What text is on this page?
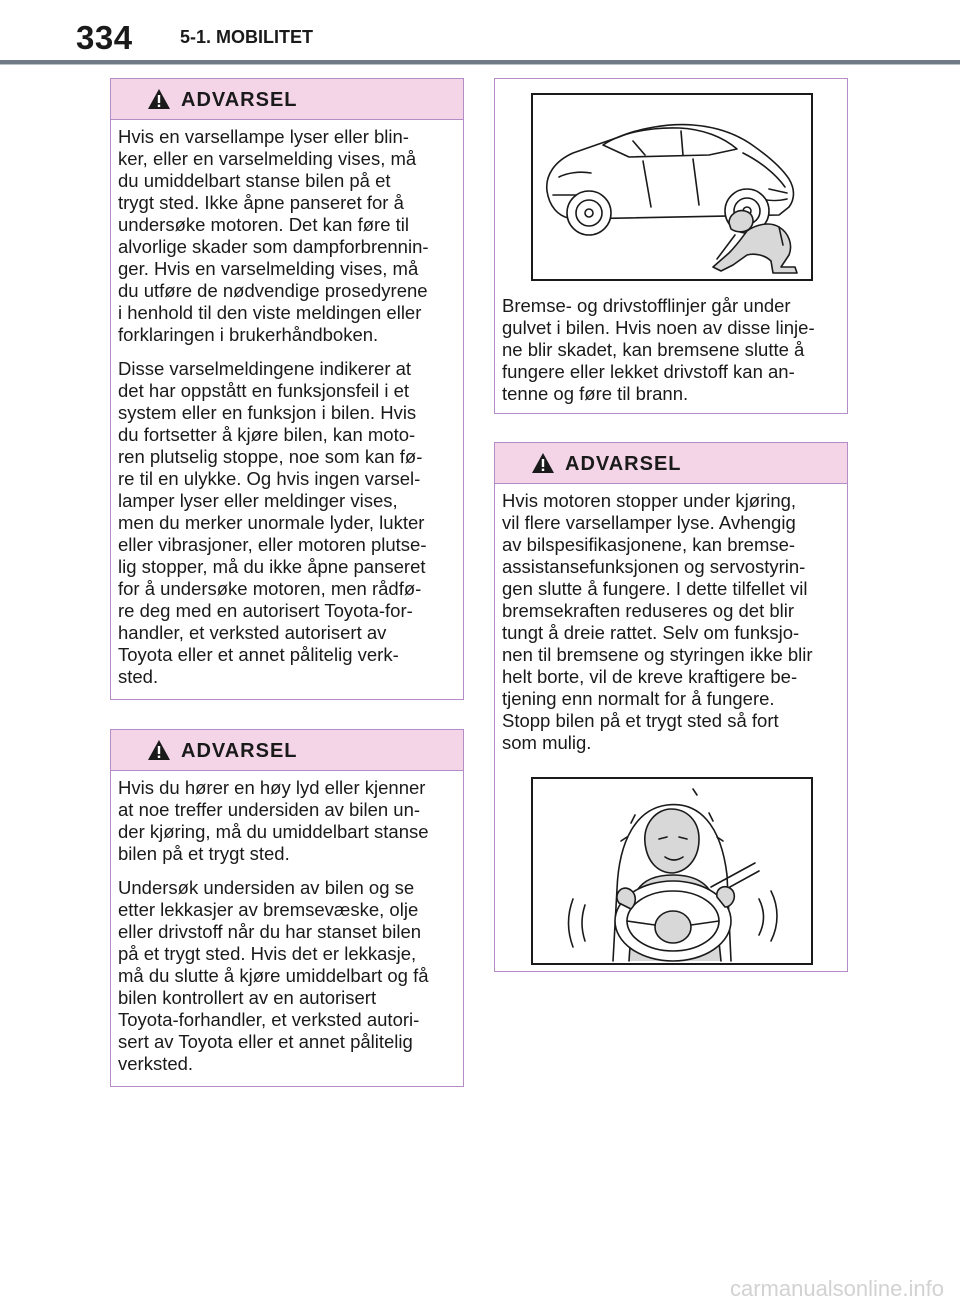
334	5-1. MOBILITET
ADVARSEL

Hvis en varsellampe lyser eller blin-
ker, eller en varselmelding vises, må
du umiddelbart stanse bilen på et
trygt sted. Ikke åpne panseret for å
undersøke motoren. Det kan føre til
alvorlige skader som dampforbrennin-
ger. Hvis en varselmelding vises, må
du utføre de nødvendige prosedyrene
i henhold til den viste meldingen eller
forklaringen i brukerhåndboken.

Disse varselmeldingene indikerer at
det har oppstått en funksjonsfeil i et
system eller en funksjon i bilen. Hvis
du fortsetter å kjøre bilen, kan moto-
ren plutselig stoppe, noe som kan fø-
re til en ulykke. Og hvis ingen varsel-
lamper lyser eller meldinger vises,
men du merker unormale lyder, lukter
eller vibrasjoner, eller motoren plutse-
lig stopper, må du ikke åpne panseret
for å undersøke motoren, men rådfø-
re deg med en autorisert Toyota-for-
handler, et verksted autorisert av
Toyota eller et annet pålitelig verk-
sted.

ADVARSEL

Hvis du hører en høy lyd eller kjenner
at noe treffer undersiden av bilen un-
der kjøring, må du umiddelbart stanse
bilen på et trygt sted.

Undersøk undersiden av bilen og se
etter lekkasjer av bremsevæske, olje
eller drivstoff når du har stanset bilen
på et trygt sted. Hvis det er lekkasje,
må du slutte å kjøre umiddelbart og få
bilen kontrollert av en autorisert
Toyota-forhandler, et verksted autori-
sert av Toyota eller et annet pålitelig
verksted.

Bremse- og drivstofflinjer går under
gulvet i bilen. Hvis noen av disse linje-
ne blir skadet, kan bremsene slutte å
fungere eller lekket drivstoff kan an-
tenne og føre til brann.
ADVARSEL

Hvis motoren stopper under kjøring,
vil flere varsellamper lyse. Avhengig
av bilspesifikasjonene, kan bremse-
assistansefunksjonen og servostyrin-
gen slutte å fungere. I dette tilfellet vil
bremsekraften reduseres og det blir
tungt å dreie rattet. Selv om funksjo-
nen til bremsene og styringen ikke blir
helt borte, vil de kreve kraftigere be-
tjening enn normalt for å fungere.
Stopp bilen på et trygt sted så fort
som mulig.

carmanualsonline.info
